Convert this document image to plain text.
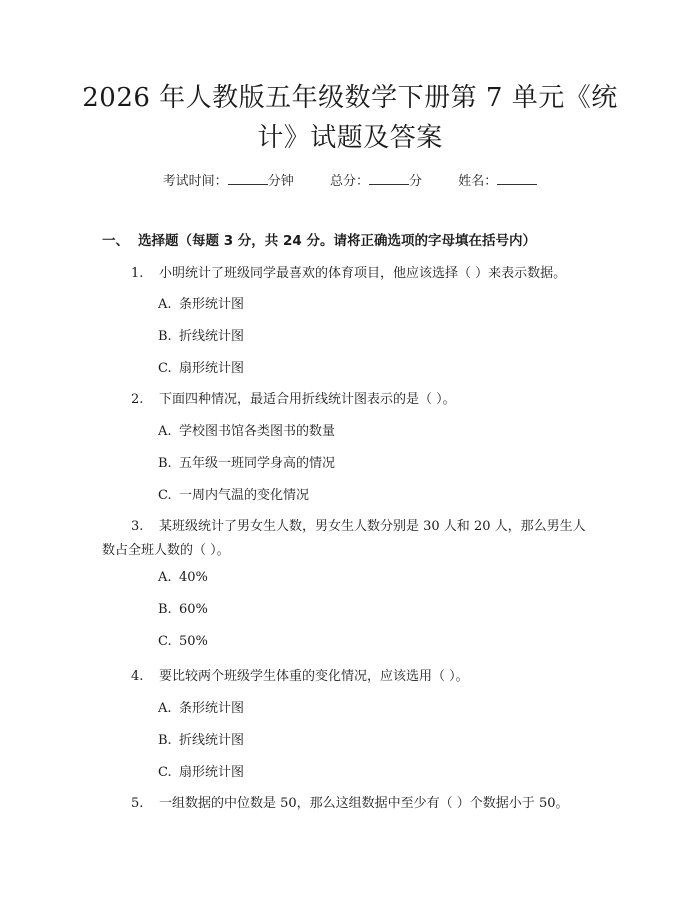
2026 年人教版五年级数学下册第 7 单元《统
计》试题及答案
考试时间：	分钟	总分：	分	姓名：
一、 选择题（每题 3 分，共 24 分。请将正确选项的字母填在括号内）
1. 小明统计了班级同学最喜欢的体育项目，他应该选择（ ）来表示数据。
A. 条形统计图
B. 折线统计图
C. 扇形统计图
2. 下面四种情况，最适合用折线统计图表示的是（ ）。
A. 学校图书馆各类图书的数量
B. 五年级一班同学身高的情况
C. 一周内气温的变化情况
3. 某班级统计了男女生人数，男女生人数分别是 30 人和 20 人，那么男生人
数占全班人数的（ ）。
A. 40%
B. 60%
C. 50%
4. 要比较两个班级学生体重的变化情况，应该选用（ ）。
A. 条形统计图
B. 折线统计图
C. 扇形统计图
5. 一组数据的中位数是 50，那么这组数据中至少有（ ）个数据小于 50。
